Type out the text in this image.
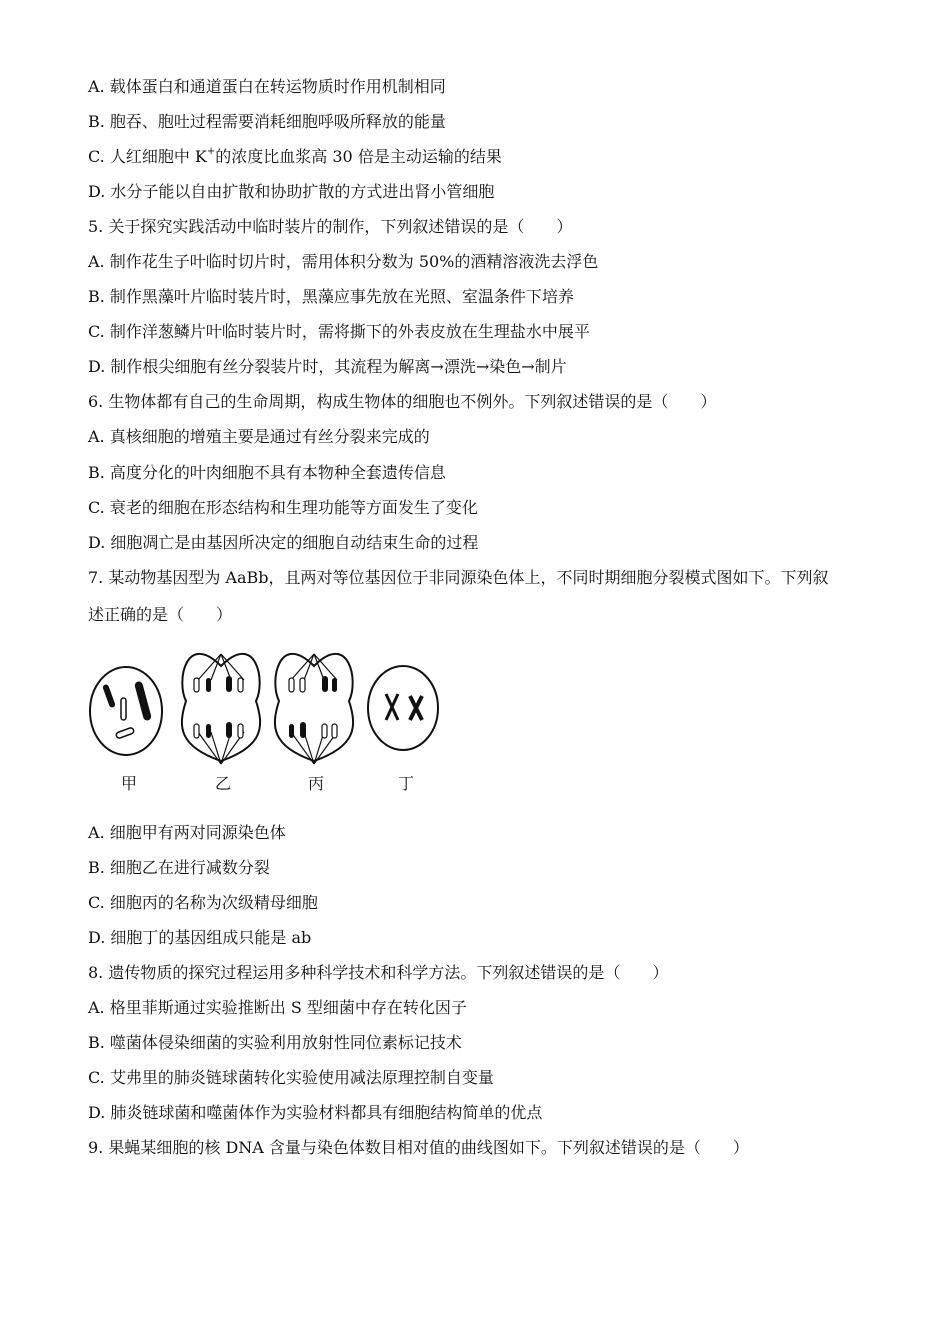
A. 载体蛋白和通道蛋白在转运物质时作用机制相同
B. 胞吞、胞吐过程需要消耗细胞呼吸所释放的能量
C. 人红细胞中 K+的浓度比血浆高 30 倍是主动运输的结果
D. 水分子能以自由扩散和协助扩散的方式进出肾小管细胞
5. 关于探究实践活动中临时装片的制作，下列叙述错误的是（　　）
A. 制作花生子叶临时切片时，需用体积分数为 50%的酒精溶液洗去浮色
B. 制作黑藻叶片临时装片时，黑藻应事先放在光照、室温条件下培养
C. 制作洋葱鳞片叶临时装片时，需将撕下的外表皮放在生理盐水中展平
D. 制作根尖细胞有丝分裂装片时，其流程为解离→漂洗→染色→制片
6. 生物体都有自己的生命周期，构成生物体的细胞也不例外。下列叙述错误的是（　　）
A. 真核细胞的增殖主要是通过有丝分裂来完成的
B. 高度分化的叶肉细胞不具有本物种全套遗传信息
C. 衰老的细胞在形态结构和生理功能等方面发生了变化
D. 细胞凋亡是由基因所决定的细胞自动结束生命的过程
7. 某动物基因型为 AaBb，且两对等位基因位于非同源染色体上，不同时期细胞分裂模式图如下。下列叙
述正确的是（　　）
甲	乙	丙	丁
A. 细胞甲有两对同源染色体
B. 细胞乙在进行减数分裂
C. 细胞丙的名称为次级精母细胞
D. 细胞丁的基因组成只能是 ab
8. 遗传物质的探究过程运用多种科学技术和科学方法。下列叙述错误的是（　　）
A. 格里菲斯通过实验推断出 S 型细菌中存在转化因子
B. 噬菌体侵染细菌的实验利用放射性同位素标记技术
C. 艾弗里的肺炎链球菌转化实验使用减法原理控制自变量
D. 肺炎链球菌和噬菌体作为实验材料都具有细胞结构简单的优点
9. 果蝇某细胞的核 DNA 含量与染色体数目相对值的曲线图如下。下列叙述错误的是（　　）
